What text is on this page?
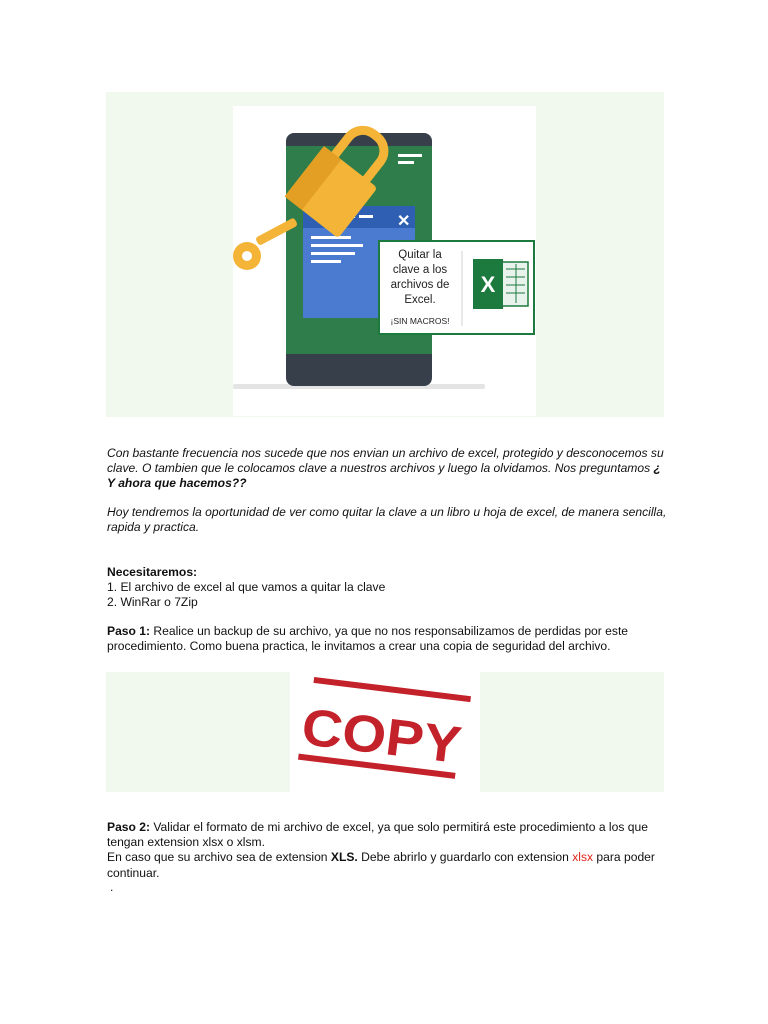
✕
Quitar la
clave a los
archivos de
Excel.
¡SIN MACROS!
X

Con bastante frecuencia nos sucede que nos envian un archivo de excel, protegido y desconocemos su clave. O tambien que le colocamos clave a nuestros archivos y luego la olvidamos. Nos preguntamos ¿ Y ahora que hacemos??

Hoy tendremos la oportunidad de ver como quitar la clave a un libro u hoja de excel, de manera sencilla, rapida y practica.

Necesitaremos:

1. El archivo de excel al que vamos a quitar la clave

2. WinRar o 7Zip

Paso 1: Realice un backup de su archivo, ya que no nos responsabilizamos de perdidas por este procedimiento. Como buena practica, le invitamos a crear una copia de seguridad del archivo.

COPY

Paso 2: Validar el formato de mi archivo de excel, ya que solo permitirá este procedimiento a los que tengan extension xlsx o xlsm.

En caso que su archivo sea de extension XLS. Debe abrirlo y guardarlo con extension xlsx para poder continuar.

.
